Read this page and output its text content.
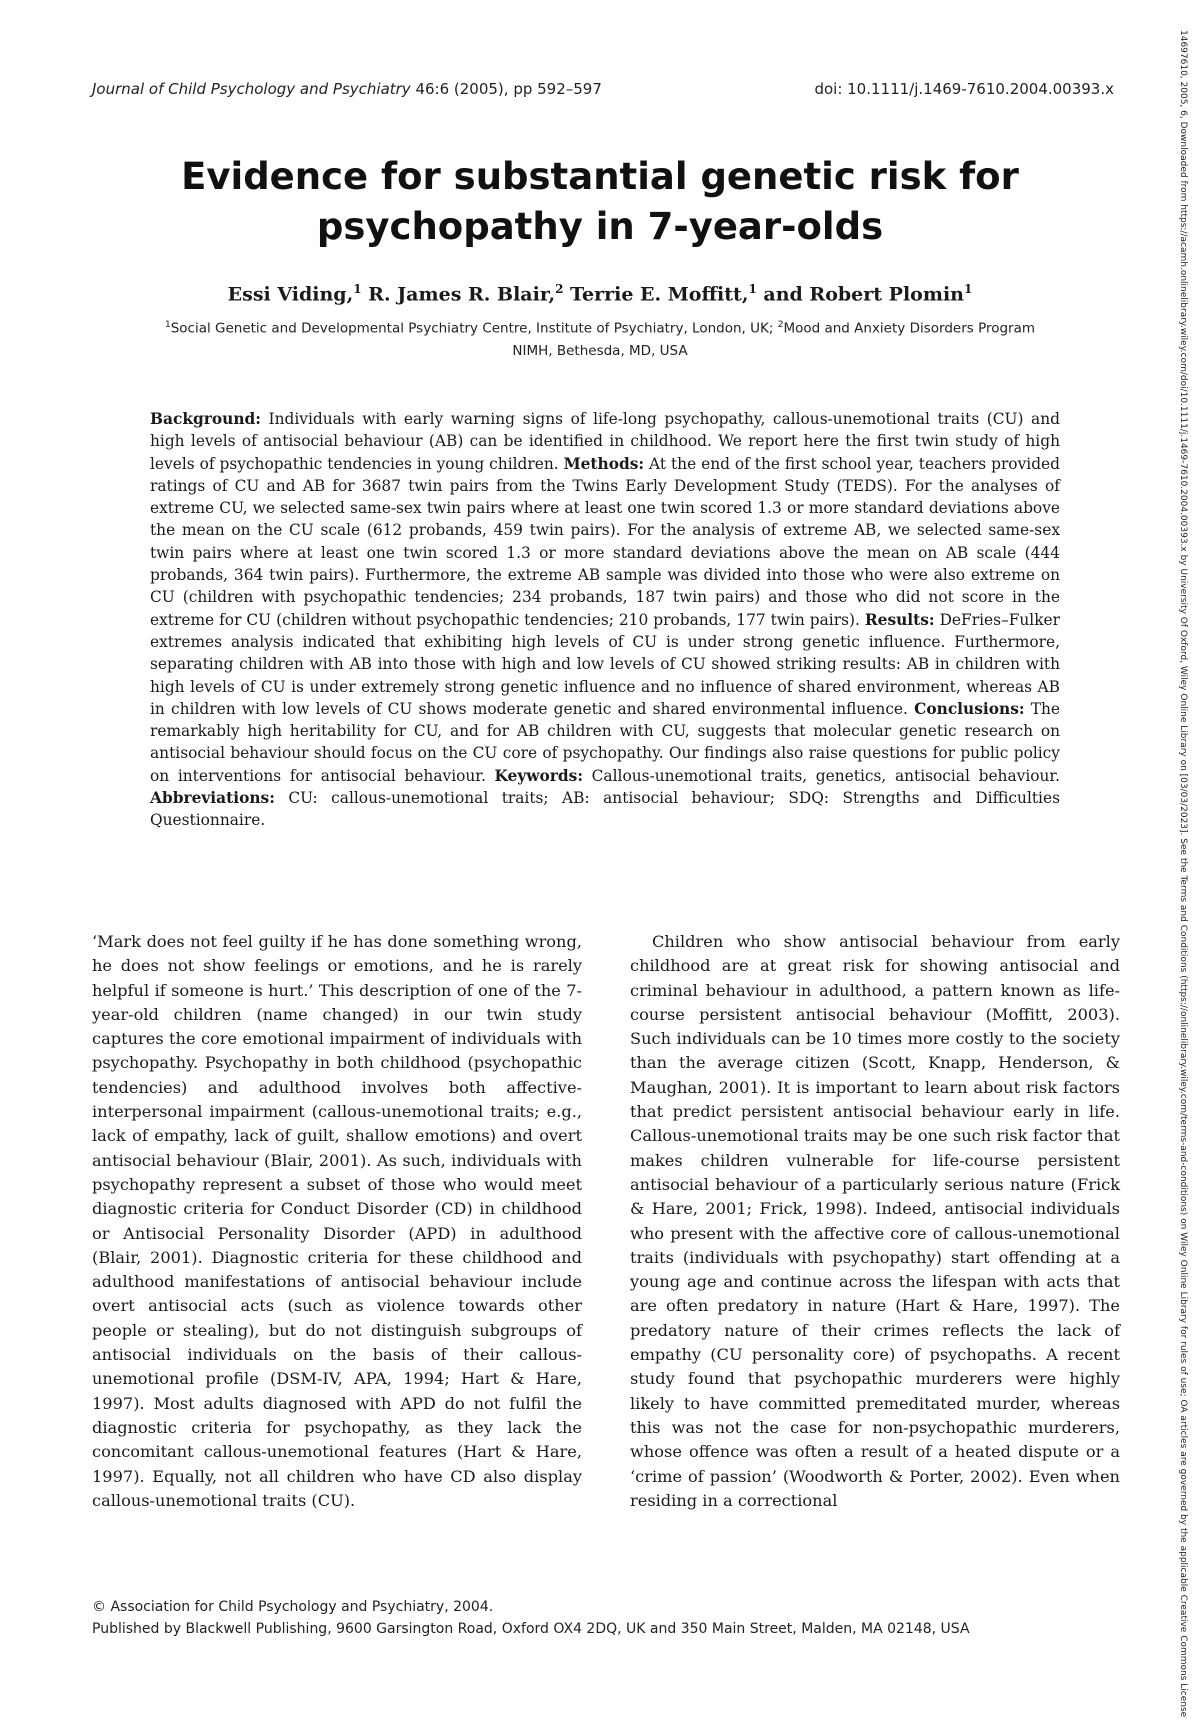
Journal of Child Psychology and Psychiatry 46:6 (2005), pp 592–597	doi: 10.1111/j.1469-7610.2004.00393.x
Evidence for substantial genetic risk for
psychopathy in 7-year-olds
Essi Viding,$^1$ R. James R. Blair,$^2$ Terrie E. Moffitt,$^1$ and Robert Plomin$^1$
$^1$Social Genetic and Developmental Psychiatry Centre, Institute of Psychiatry, London, UK; $^2$Mood and Anxiety Disorders Program NIMH, Bethesda, MD, USA
Background: Individuals with early warning signs of life-long psychopathy, callous-unemotional traits (CU) and high levels of antisocial behaviour (AB) can be identified in childhood. We report here the first twin study of high levels of psychopathic tendencies in young children. Methods: At the end of the first school year, teachers provided ratings of CU and AB for 3687 twin pairs from the Twins Early Development Study (TEDS). For the analyses of extreme CU, we selected same-sex twin pairs where at least one twin scored 1.3 or more standard deviations above the mean on the CU scale (612 probands, 459 twin pairs). For the analysis of extreme AB, we selected same-sex twin pairs where at least one twin scored 1.3 or more standard deviations above the mean on AB scale (444 probands, 364 twin pairs). Furthermore, the extreme AB sample was divided into those who were also extreme on CU (children with psychopathic tendencies; 234 probands, 187 twin pairs) and those who did not score in the extreme for CU (children without psychopathic tendencies; 210 probands, 177 twin pairs). Results: DeFries–Fulker extremes analysis indicated that exhibiting high levels of CU is under strong genetic influence. Furthermore, separating children with AB into those with high and low levels of CU showed striking results: AB in children with high levels of CU is under extremely strong genetic influence and no influence of shared environment, whereas AB in children with low levels of CU shows moderate genetic and shared environmental influence. Conclusions: The remarkably high heritability for CU, and for AB children with CU, suggests that molecular genetic research on antisocial behaviour should focus on the CU core of psychopathy. Our findings also raise questions for public policy on interventions for antisocial behaviour. Keywords: Callous-unemotional traits, genetics, antisocial behaviour. Abbreviations: CU: callous-unemotional traits; AB: antisocial behaviour; SDQ: Strengths and Difficulties Questionnaire.

‘Mark does not feel guilty if he has done something wrong, he does not show feelings or emotions, and he is rarely helpful if someone is hurt.’ This description of one of the 7-year-old children (name changed) in our twin study captures the core emotional impairment of individuals with psychopathy. Psychopathy in both childhood (psychopathic tendencies) and adulthood involves both affective-interpersonal impairment (callous-unemotional traits; e.g., lack of empathy, lack of guilt, shallow emotions) and overt antisocial behaviour (Blair, 2001). As such, individuals with psychopathy represent a subset of those who would meet diagnostic criteria for Conduct Disorder (CD) in childhood or Antisocial Personality Disorder (APD) in adulthood (Blair, 2001). Diagnostic criteria for these childhood and adulthood manifestations of antisocial behaviour include overt antisocial acts (such as violence towards other people or stealing), but do not distinguish subgroups of antisocial individuals on the basis of their callous-unemotional profile (DSM-IV, APA, 1994; Hart & Hare, 1997). Most adults diagnosed with APD do not fulfil the diagnostic criteria for psychopathy, as they lack the concomitant callous-unemotional features (Hart & Hare, 1997). Equally, not all children who have CD also display callous-unemotional traits (CU).

Children who show antisocial behaviour from early childhood are at great risk for showing antisocial and criminal behaviour in adulthood, a pattern known as life-course persistent antisocial behaviour (Moffitt, 2003). Such individuals can be 10 times more costly to the society than the average citizen (Scott, Knapp, Henderson, & Maughan, 2001). It is important to learn about risk factors that predict persistent antisocial behaviour early in life. Callous-unemotional traits may be one such risk factor that makes children vulnerable for life-course persistent antisocial behaviour of a particularly serious nature (Frick & Hare, 2001; Frick, 1998). Indeed, antisocial individuals who present with the affective core of callous-unemotional traits (individuals with psychopathy) start offending at a young age and continue across the lifespan with acts that are often predatory in nature (Hart & Hare, 1997). The predatory nature of their crimes reflects the lack of empathy (CU personality core) of psychopaths. A recent study found that psychopathic murderers were highly likely to have committed premeditated murder, whereas this was not the case for non-psychopathic murderers, whose offence was often a result of a heated dispute or a ‘crime of passion’ (Woodworth & Porter, 2002). Even when residing in a correctional

© Association for Child Psychology and Psychiatry, 2004.
Published by Blackwell Publishing, 9600 Garsington Road, Oxford OX4 2DQ, UK and 350 Main Street, Malden, MA 02148, USA	14697610, 2005, 6, Downloaded from https://acamh.onlinelibrary.wiley.com/doi/10.1111/j.1469-7610.2004.00393.x by University Of Oxford, Wiley Online Library on [03/03/2023]. See the Terms and Conditions (https://onlinelibrary.wiley.com/terms-and-conditions) on Wiley Online Library for rules of use; OA articles are governed by the applicable Creative Commons License
